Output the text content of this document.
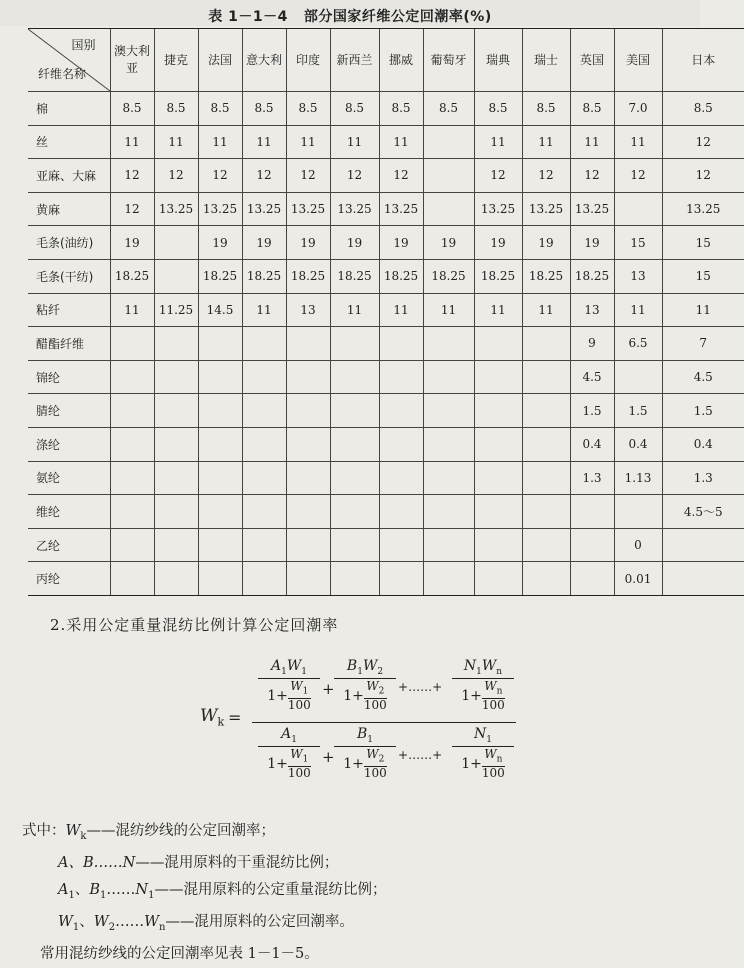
表 1－1－4 部分国家纤维公定回潮率(%)
国别
纤维名称	澳大利亚	捷克	法国	意大利	印度	新西兰	挪威	葡萄牙	瑞典	瑞士	英国	美国	日本
棉	8.5	8.5	8.5	8.5	8.5	8.5	8.5	8.5	8.5	8.5	8.5	7.0	8.5
丝	11	11	11	11	11	11	11		11	11	11	11	12
亚麻、大麻	12	12	12	12	12	12	12		12	12	12	12	12
黄麻	12	13.25	13.25	13.25	13.25	13.25	13.25		13.25	13.25	13.25		13.25
毛条(油纺)	19		19	19	19	19	19	19	19	19	19	15	15
毛条(干纺)	18.25		18.25	18.25	18.25	18.25	18.25	18.25	18.25	18.25	18.25	13	15
粘纤	11	11.25	14.5	11	13	11	11	11	11	11	13	11	11
醋酯纤维											9	6.5	7
锦纶											4.5		4.5
腈纶											1.5	1.5	1.5
涤纶											0.4	0.4	0.4
氨纶											1.3	1.13	1.3
维纶													4.5～5
乙纶												0	
丙纶												0.01	
2.采用公定重量混纺比例计算公定回潮率
$W_k$ =
$A_1W_1$
$1+W_1$
100
+
$B_1W_2$
$1+W_2$
100
+……+
$N_1W_n$
$1+W_n$
100
$A_1$
$1+W_1$
100
+
$B_1$
$1+W_2$
100
+……+
$N_1$
$1+W_n$
100
式中：$W_k——$混纺纱线的公定回潮率；
A、B……N——混用原料的干重混纺比例；
$A_1$、$B_1\dots\dots N_1——$混用原料的公定重量混纺比例；
$W_1$、$W_2\dots\dots W_n——$混用原料的公定回潮率。
常用混纺纱线的公定回潮率见表 1－1－5。
